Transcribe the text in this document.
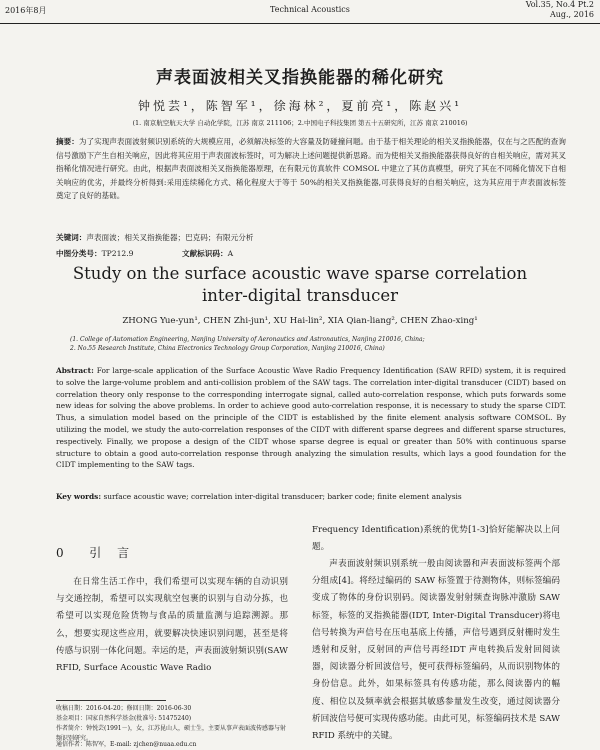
2016年8月	Technical Acoustics
Vol.35, No.4 Pt.2
Aug., 2016
声表面波相关叉指换能器的稀化研究
钟悦芸¹，陈智军¹，徐海林²，夏前亮¹，陈赵兴¹
(1. 南京航空航天大学 自动化学院，江苏 南京 211106；2.中国电子科技集团 第五十五研究所，江苏 南京 210016)

摘要：为了实现声表面波射频识别系统的大规模应用，必须解决标签的大容量及防碰撞问题。由于基于相关理论的相关叉指换能器，仅在与之匹配的查询信号激励下产生自相关响应，因此将其应用于声表面波标签时，可为解决上述问题提供新思路。而为使相关叉指换能器获得良好的自相关响应，需对其叉指稀化情况进行研究。由此，根据声表面波相关叉指换能器原理，在有限元仿真软件 COMSOL 中建立了其仿真模型，研究了其在不同稀化情况下自相关响应的优劣，并最终分析得到:采用连续稀化方式、稀化程度大于等于 50%的相关叉指换能器,可获得良好的自相关响应，这为其应用于声表面波标签奠定了良好的基础。

关键词：声表面波；相关叉指换能器；巴克码；有限元分析

中图分类号：TP212.9	文献标识码：A
Study on the surface acoustic wave sparse correlation
inter-digital transducer
ZHONG Yue-yun¹, CHEN Zhi-jun¹, XU Hai-lin², XIA Qian-liang², CHEN Zhao-xing¹
(1. College of Automation Engineering, Nanjing University of Aeronautics and Astronautics, Nanjing 210016, China;
2. No.55 Research Institute, China Electronics Technology Group Corporation, Nanjing 210016, China)

Abstract: For large-scale application of the Surface Acoustic Wave Radio Frequency Identification (SAW RFID) system, it is required to solve the large-volume problem and anti-collision problem of the SAW tags. The correlation inter-digital transducer (CIDT) based on correlation theory only response to the corresponding interrogate signal, called auto-correlation response, which puts forwards some new ideas for solving the above problems. In order to achieve good auto-correlation response, it is necessary to study the sparse CIDT. Thus, a simulation model based on the principle of the CIDT is established by the finite element analysis software COMSOL. By utilizing the model, we study the auto-correlation responses of the CIDT with different sparse degrees and different sparse structures, respectively. Finally, we propose a design of the CIDT whose sparse degree is equal or greater than 50% with continuous sparse structure to obtain a good auto-correlation response through analyzing the simulation results, which lays a good foundation for the CIDT implementing to the SAW tags.

Key words: surface acoustic wave; correlation inter-digital transducer; barker code; finite element analysis

0 引 言

在日常生活工作中，我们希望可以实现车辆的自动识别与交通控制，希望可以实现航空包裹的识别与自动分拣，也希望可以实现危险货物与食品的质量监测与追踪溯源。那么，想要实现这些应用，就要解决快速识别问题，甚至是将传感与识别一体化问题。幸运的是，声表面波射频识别(SAW RFID, Surface Acoustic Wave Radio

Frequency Identification)系统的优势[1-3]恰好能解决以上问题。

声表面波射频识别系统一般由阅读器和声表面波标签两个部分组成[4]。将经过编码的 SAW 标签置于待测物体，则标签编码变成了物体的身份识别码。阅读器发射射频查询脉冲激励 SAW 标签，标签的叉指换能器(IDT, Inter-Digital Transducer)将电信号转换为声信号在压电基底上传播，声信号遇到反射栅时发生透射和反射，反射回的声信号再经IDT 声电转换后发射回阅读器，阅读器分析回波信号，便可获得标签编码，从而识别物体的身份信息。此外，如果标签具有传感功能，那么阅读器内的幅度、相位以及频率就会根据其敏感参量发生改变，通过阅读器分析回波信号便可实现传感功能。由此可见，标签编码技术是 SAW RFID 系统中的关键。

收稿日期：2016-04-20；修回日期：2016-06-30
基金项目：国家自然科学基金(批准号: 51475240)
作者简介：钟悦芸(1991－)，女，江苏昆山人，硕士生，主要从事声表面波传感器与射频识别研究。
通信作者：陈智军，E-mail: zjchen@nuaa.edu.cn
